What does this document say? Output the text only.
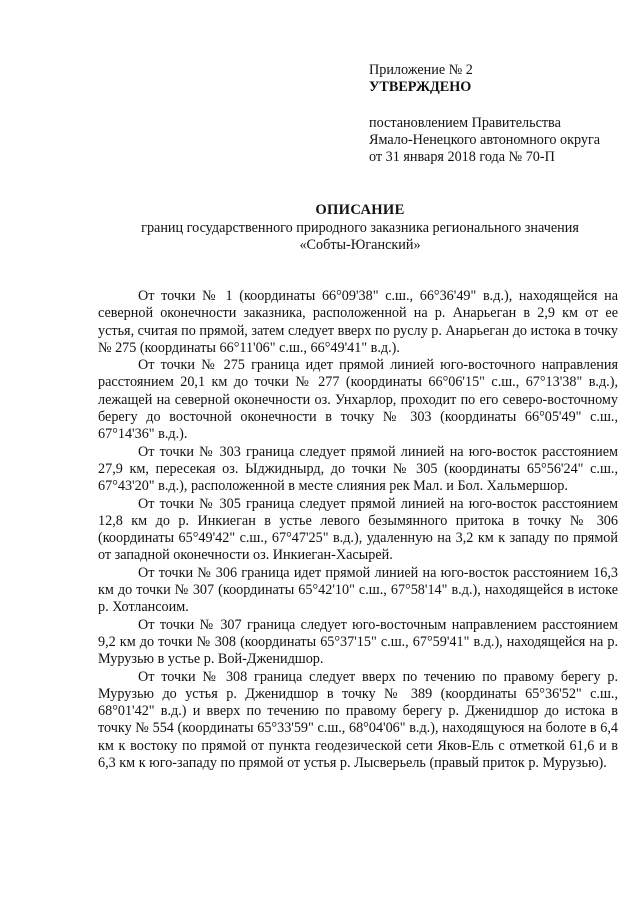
Приложение № 2
УТВЕРЖДЕНО
постановлением Правительства
Ямало-Ненецкого автономного округа
от 31 января 2018 года № 70-П
ОПИСАНИЕ
границ государственного природного заказника регионального значения
«Собты-Юганский»

От точки № 1 (координаты 66°09'38" с.ш., 66°36'49" в.д.), находящейся на северной оконечности заказника, расположенной на р. Анарьеган в 2,9 км от ее устья, считая по прямой, затем следует вверх по руслу р. Анарьеган до истока в точку № 275 (координаты 66°11'06" с.ш., 66°49'41" в.д.).

От точки № 275 граница идет прямой линией юго-восточного направления расстоянием 20,1 км до точки № 277 (координаты 66°06'15" с.ш., 67°13'38" в.д.), лежащей на северной оконечности оз. Унхарлор, проходит по его северо-восточному берегу до восточной оконечности в точку № 303 (координаты 66°05'49" с.ш., 67°14'36" в.д.).

От точки № 303 граница следует прямой линией на юго-восток расстоянием 27,9 км, пересекая оз. Ыджиднырд, до точки № 305 (координаты 65°56'24" с.ш., 67°43'20" в.д.), расположенной в месте слияния рек Мал. и Бол. Хальмершор.

От точки № 305 граница следует прямой линией на юго-восток расстоянием 12,8 км до р. Инкиеган в устье левого безымянного притока в точку № 306 (координаты 65°49'42" с.ш., 67°47'25" в.д.), удаленную на 3,2 км к западу по прямой от западной оконечности оз. Инкиеган-Хасырей.

От точки № 306 граница идет прямой линией на юго-восток расстоянием 16,3 км до точки № 307 (координаты 65°42'10" с.ш., 67°58'14" в.д.), находящейся в истоке р. Хотлансоим.

От точки № 307 граница следует юго-восточным направлением расстоянием 9,2 км до точки № 308 (координаты 65°37'15" с.ш., 67°59'41" в.д.), находящейся на р. Мурузью в устье р. Вой-Дженидшор.

От точки № 308 граница следует вверх по течению по правому берегу р. Мурузью до устья р. Дженидшор в точку № 389 (координаты 65°36'52" с.ш., 68°01'42" в.д.) и вверх по течению по правому берегу р. Дженидшор до истока в точку № 554 (координаты 65°33'59" с.ш., 68°04'06" в.д.), находящуюся на болоте в 6,4 км к востоку по прямой от пункта геодезической сети Яков-Ель с отметкой 61,6 и в 6,3 км к юго-западу по прямой от устья р. Лысверьель (правый приток р. Мурузью).
